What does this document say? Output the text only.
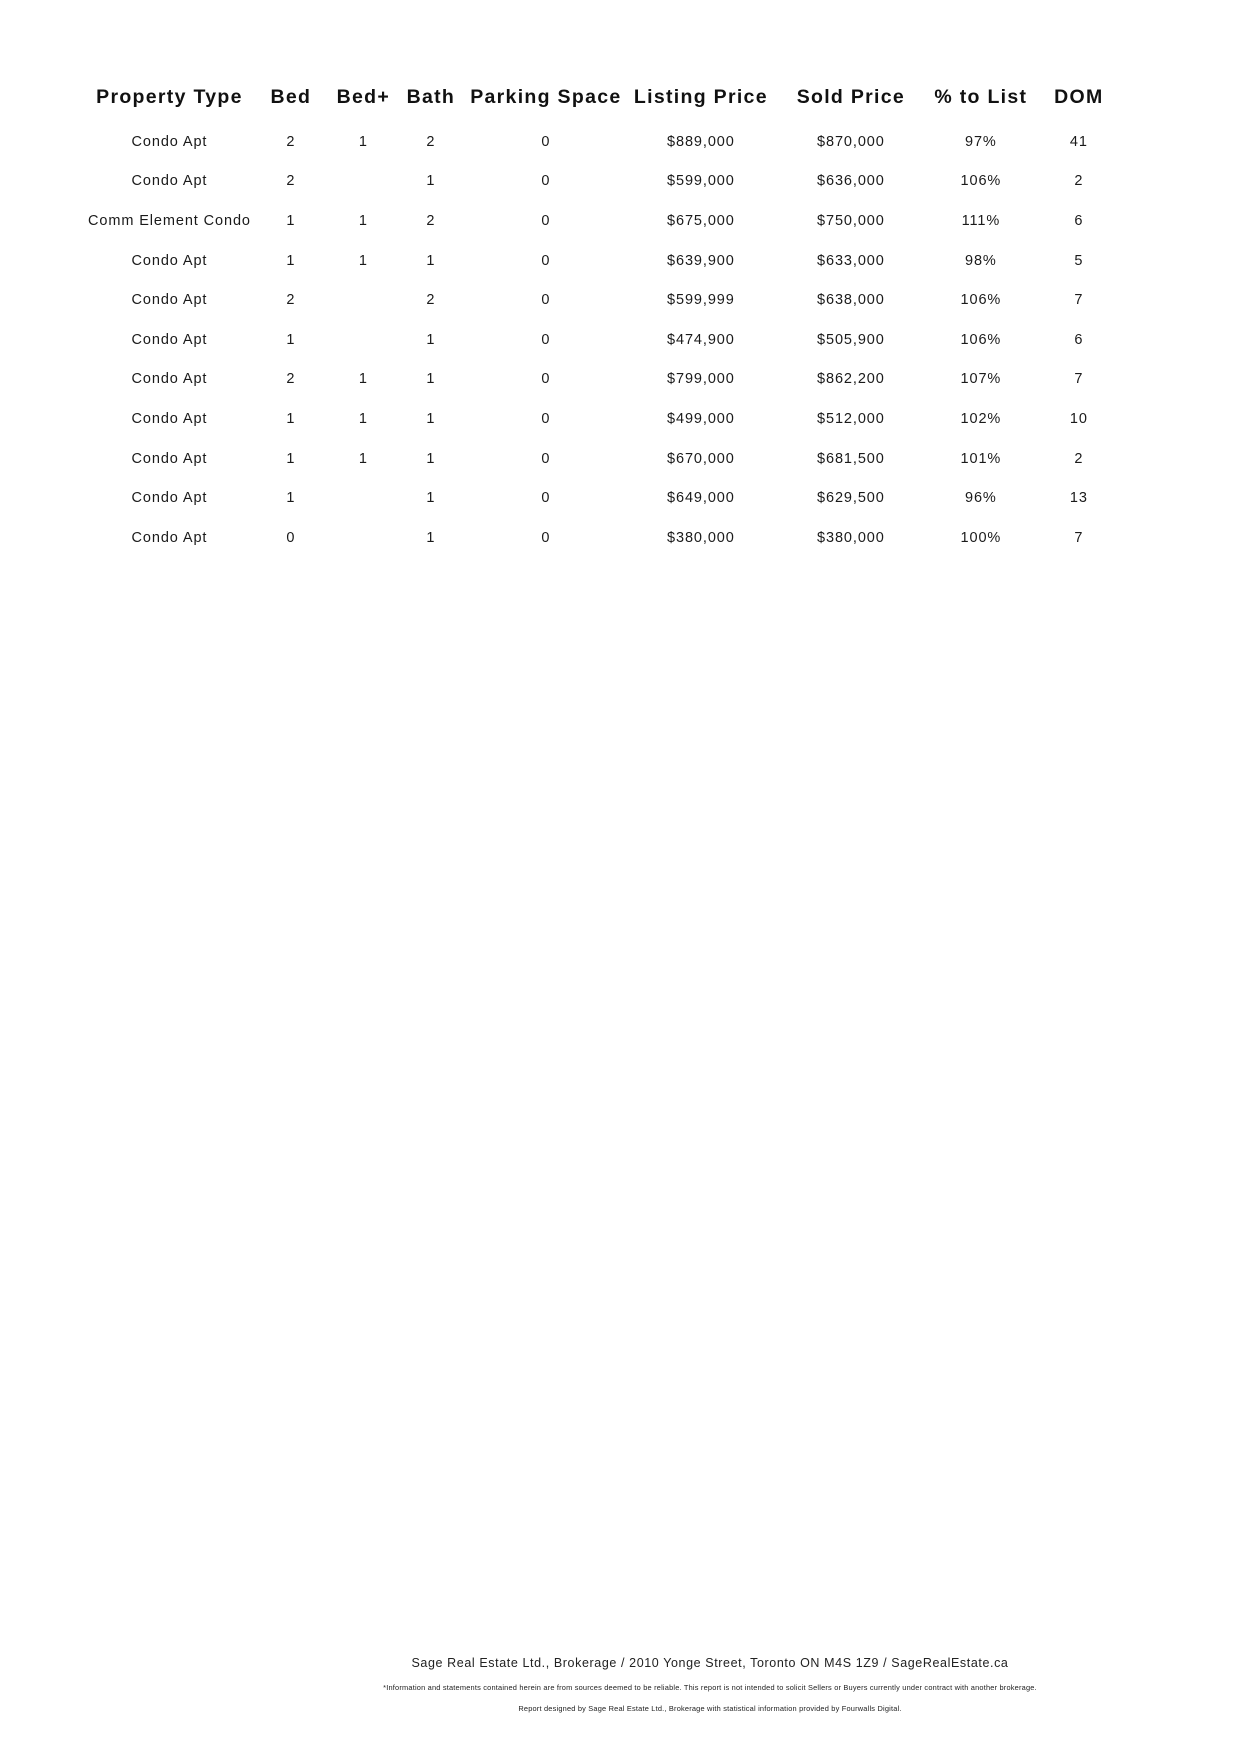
Property Type	Bed	Bed+	Bath	Parking Space	Listing Price	Sold Price	% to List	DOM

Condo Apt	2	1	2	0	$889,000	$870,000	97%	41
Condo Apt	2		1	0	$599,000	$636,000	106%	2
Comm Element Condo	1	1	2	0	$675,000	$750,000	111%	6
Condo Apt	1	1	1	0	$639,900	$633,000	98%	5
Condo Apt	2		2	0	$599,999	$638,000	106%	7
Condo Apt	1		1	0	$474,900	$505,900	106%	6
Condo Apt	2	1	1	0	$799,000	$862,200	107%	7
Condo Apt	1	1	1	0	$499,000	$512,000	102%	10
Condo Apt	1	1	1	0	$670,000	$681,500	101%	2
Condo Apt	1		1	0	$649,000	$629,500	96%	13
Condo Apt	0		1	0	$380,000	$380,000	100%	7
Sage Real Estate Ltd., Brokerage / 2010 Yonge Street, Toronto ON M4S 1Z9 / SageRealEstate.ca
*Information and statements contained herein are from sources deemed to be reliable. This report is not intended to solicit Sellers or Buyers currently under contract with another brokerage.
Report designed by Sage Real Estate Ltd., Brokerage with statistical information provided by Fourwalls Digital.
